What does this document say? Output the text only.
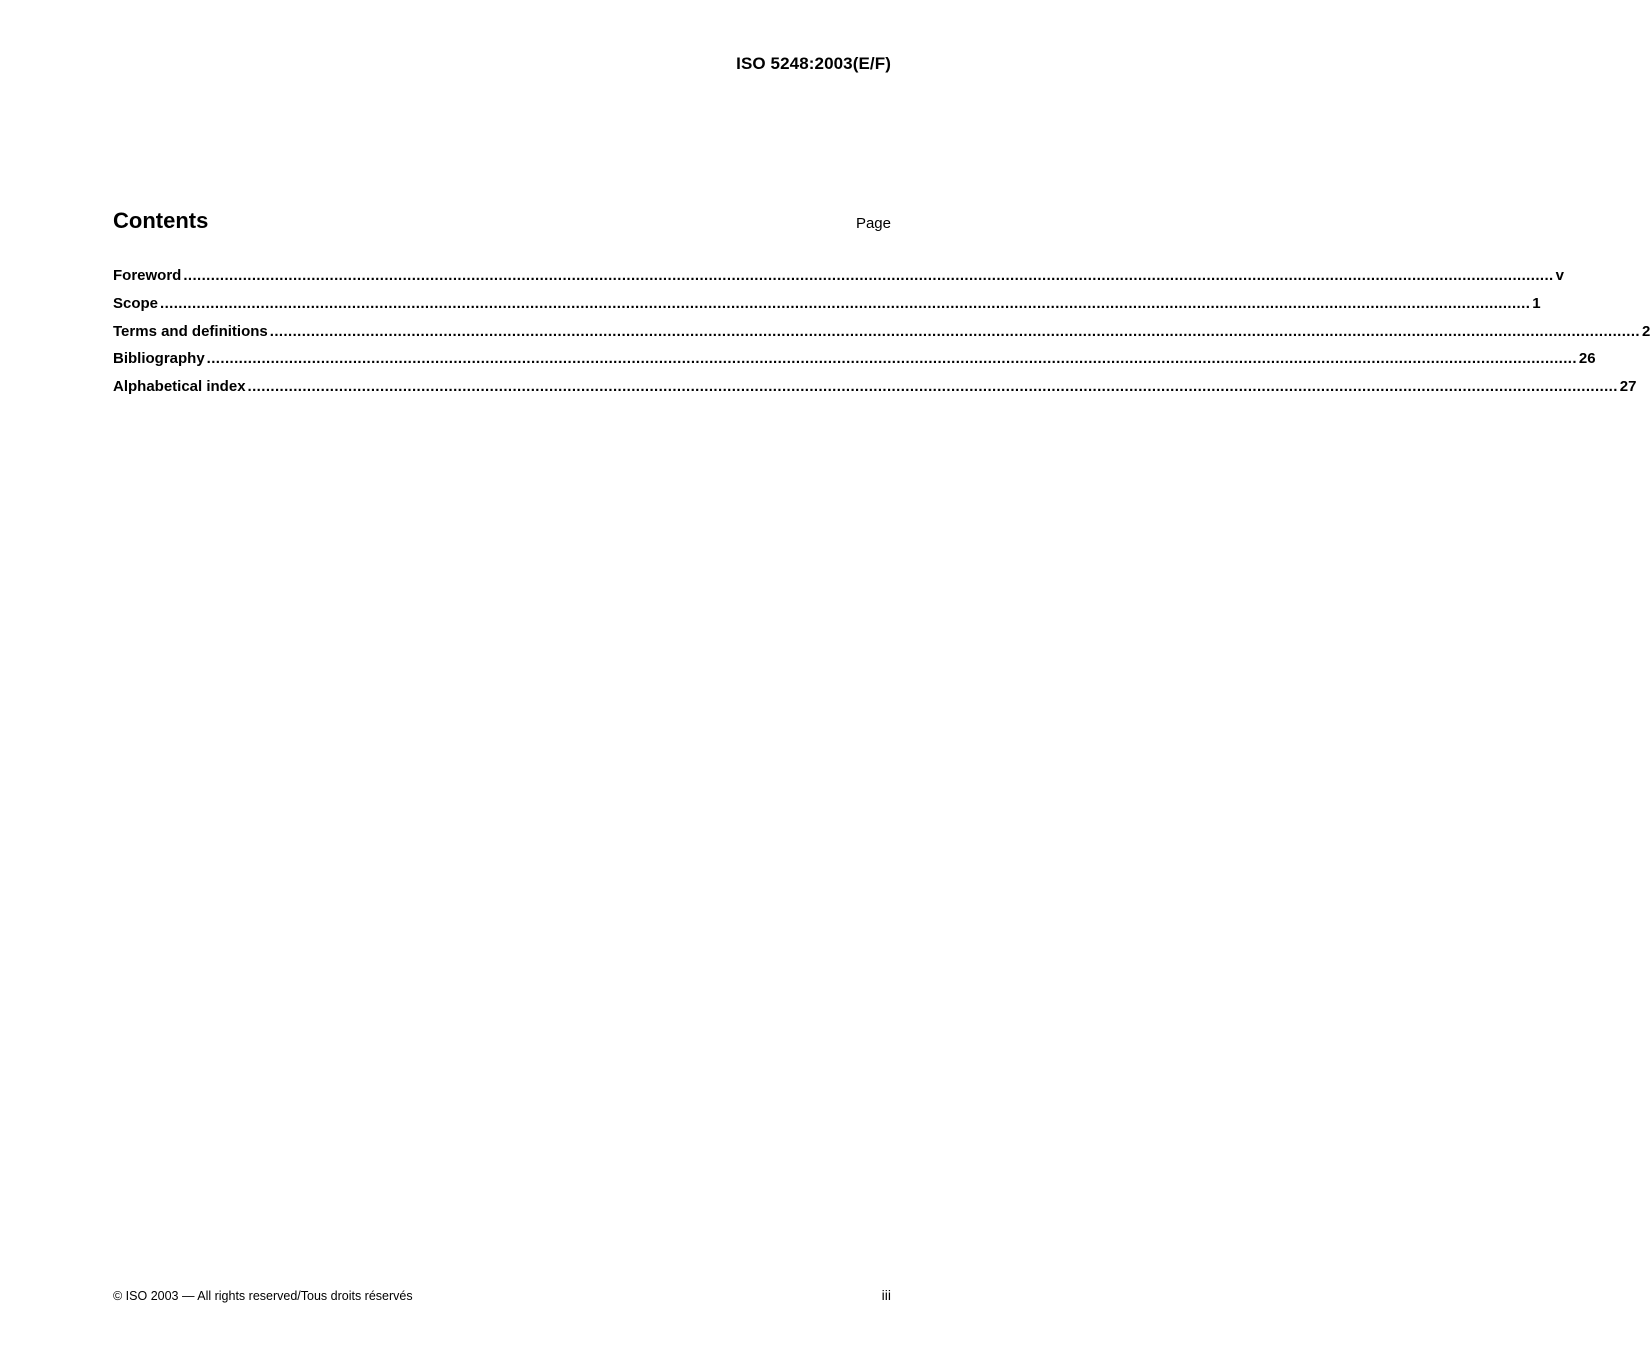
ISO 5248:2003(E/F)
Contents	Page
Foreword ............................................................................................................................................................................................................................................................................................................ v
Scope ............................................................................................................................................................................................................................................................................................................ 1
Terms and definitions ............................................................................................................................................................................................................................................................................................................ 2
Bibliography ............................................................................................................................................................................................................................................................................................................ 26
Alphabetical index ............................................................................................................................................................................................................................................................................................................ 27
© ISO 2003 — All rights reserved/Tous droits réservés	iii
